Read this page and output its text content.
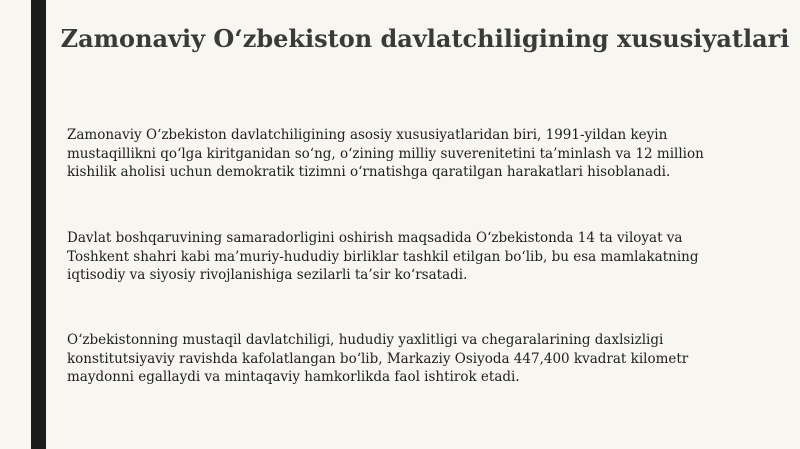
Zamonaviy O‘zbekiston davlatchiligining xususiyatlari
Zamonaviy O‘zbekiston davlatchiligining asosiy xususiyatlaridan biri, 1991-yildan keyin
mustaqillikni qo‘lga kiritganidan so‘ng, o‘zining milliy suverenitetini ta’minlash va 12 million
kishilik aholisi uchun demokratik tizimni o‘rnatishga qaratilgan harakatlari hisoblanadi.
Davlat boshqaruvining samaradorligini oshirish maqsadida O‘zbekistonda 14 ta viloyat va
Toshkent shahri kabi ma’muriy-hududiy birliklar tashkil etilgan bo‘lib, bu esa mamlakatning
iqtisodiy va siyosiy rivojlanishiga sezilarli ta’sir ko‘rsatadi.
O‘zbekistonning mustaqil davlatchiligi, hududiy yaxlitligi va chegaralarining daxlsizligi
konstitutsiyaviy ravishda kafolatlangan bo‘lib, Markaziy Osiyoda 447,400 kvadrat kilometr
maydonni egallaydi va mintaqaviy hamkorlikda faol ishtirok etadi.
